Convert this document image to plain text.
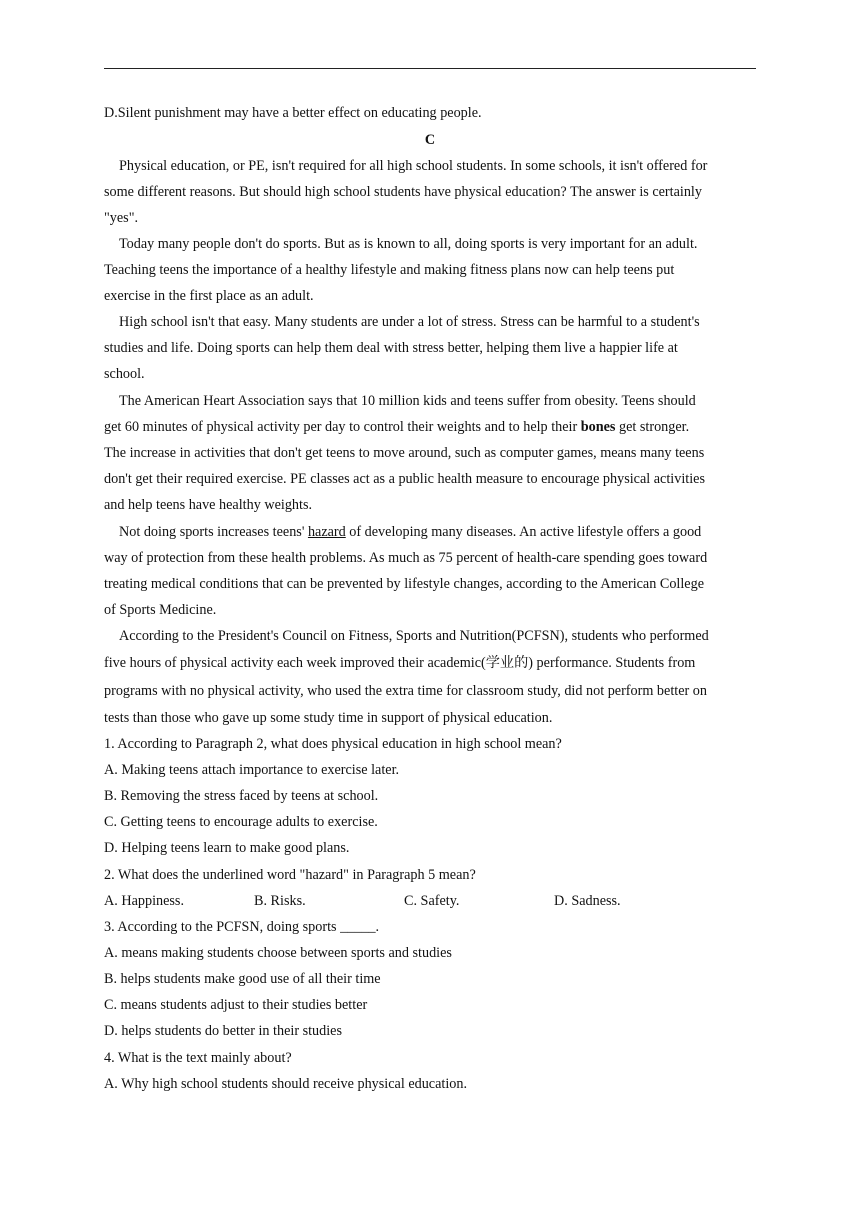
D.Silent punishment may have a better effect on educating people.
C
Physical education, or PE, isn't required for all high school students. In some schools, it isn't offered for
some different reasons. But should high school students have physical education? The answer is certainly
"yes".
Today many people don't do sports. But as is known to all, doing sports is very important for an adult.
Teaching teens the importance of a healthy lifestyle and making fitness plans now can help teens put
exercise in the first place as an adult.
High school isn't that easy. Many students are under a lot of stress. Stress can be harmful to a student's
studies and life. Doing sports can help them deal with stress better, helping them live a happier life at
school.
The American Heart Association says that 10 million kids and teens suffer from obesity. Teens should
get 60 minutes of physical activity per day to control their weights and to help their bones get stronger.
The increase in activities that don't get teens to move around, such as computer games, means many teens
don't get their required exercise. PE classes act as a public health measure to encourage physical activities
and help teens have healthy weights.
Not doing sports increases teens' hazard of developing many diseases. An active lifestyle offers a good
way of protection from these health problems. As much as 75 percent of health-care spending goes toward
treating medical conditions that can be prevented by lifestyle changes, according to the American College
of Sports Medicine.
According to the President's Council on Fitness, Sports and Nutrition(PCFSN), students who performed
five hours of physical activity each week improved their academic(学业的) performance. Students from
programs with no physical activity, who used the extra time for classroom study, did not perform better on
tests than those who gave up some study time in support of physical education.
1. According to Paragraph 2, what does physical education in high school mean?
A. Making teens attach importance to exercise later.
B. Removing the stress faced by teens at school.
C. Getting teens to encourage adults to exercise.
D. Helping teens learn to make good plans.
2. What does the underlined word "hazard" in Paragraph 5 mean?
A. Happiness.	B. Risks.	C. Safety.	D. Sadness.
3. According to the PCFSN, doing sports _____.
A. means making students choose between sports and studies
B. helps students make good use of all their time
C. means students adjust to their studies better
D. helps students do better in their studies
4. What is the text mainly about?
A. Why high school students should receive physical education.
